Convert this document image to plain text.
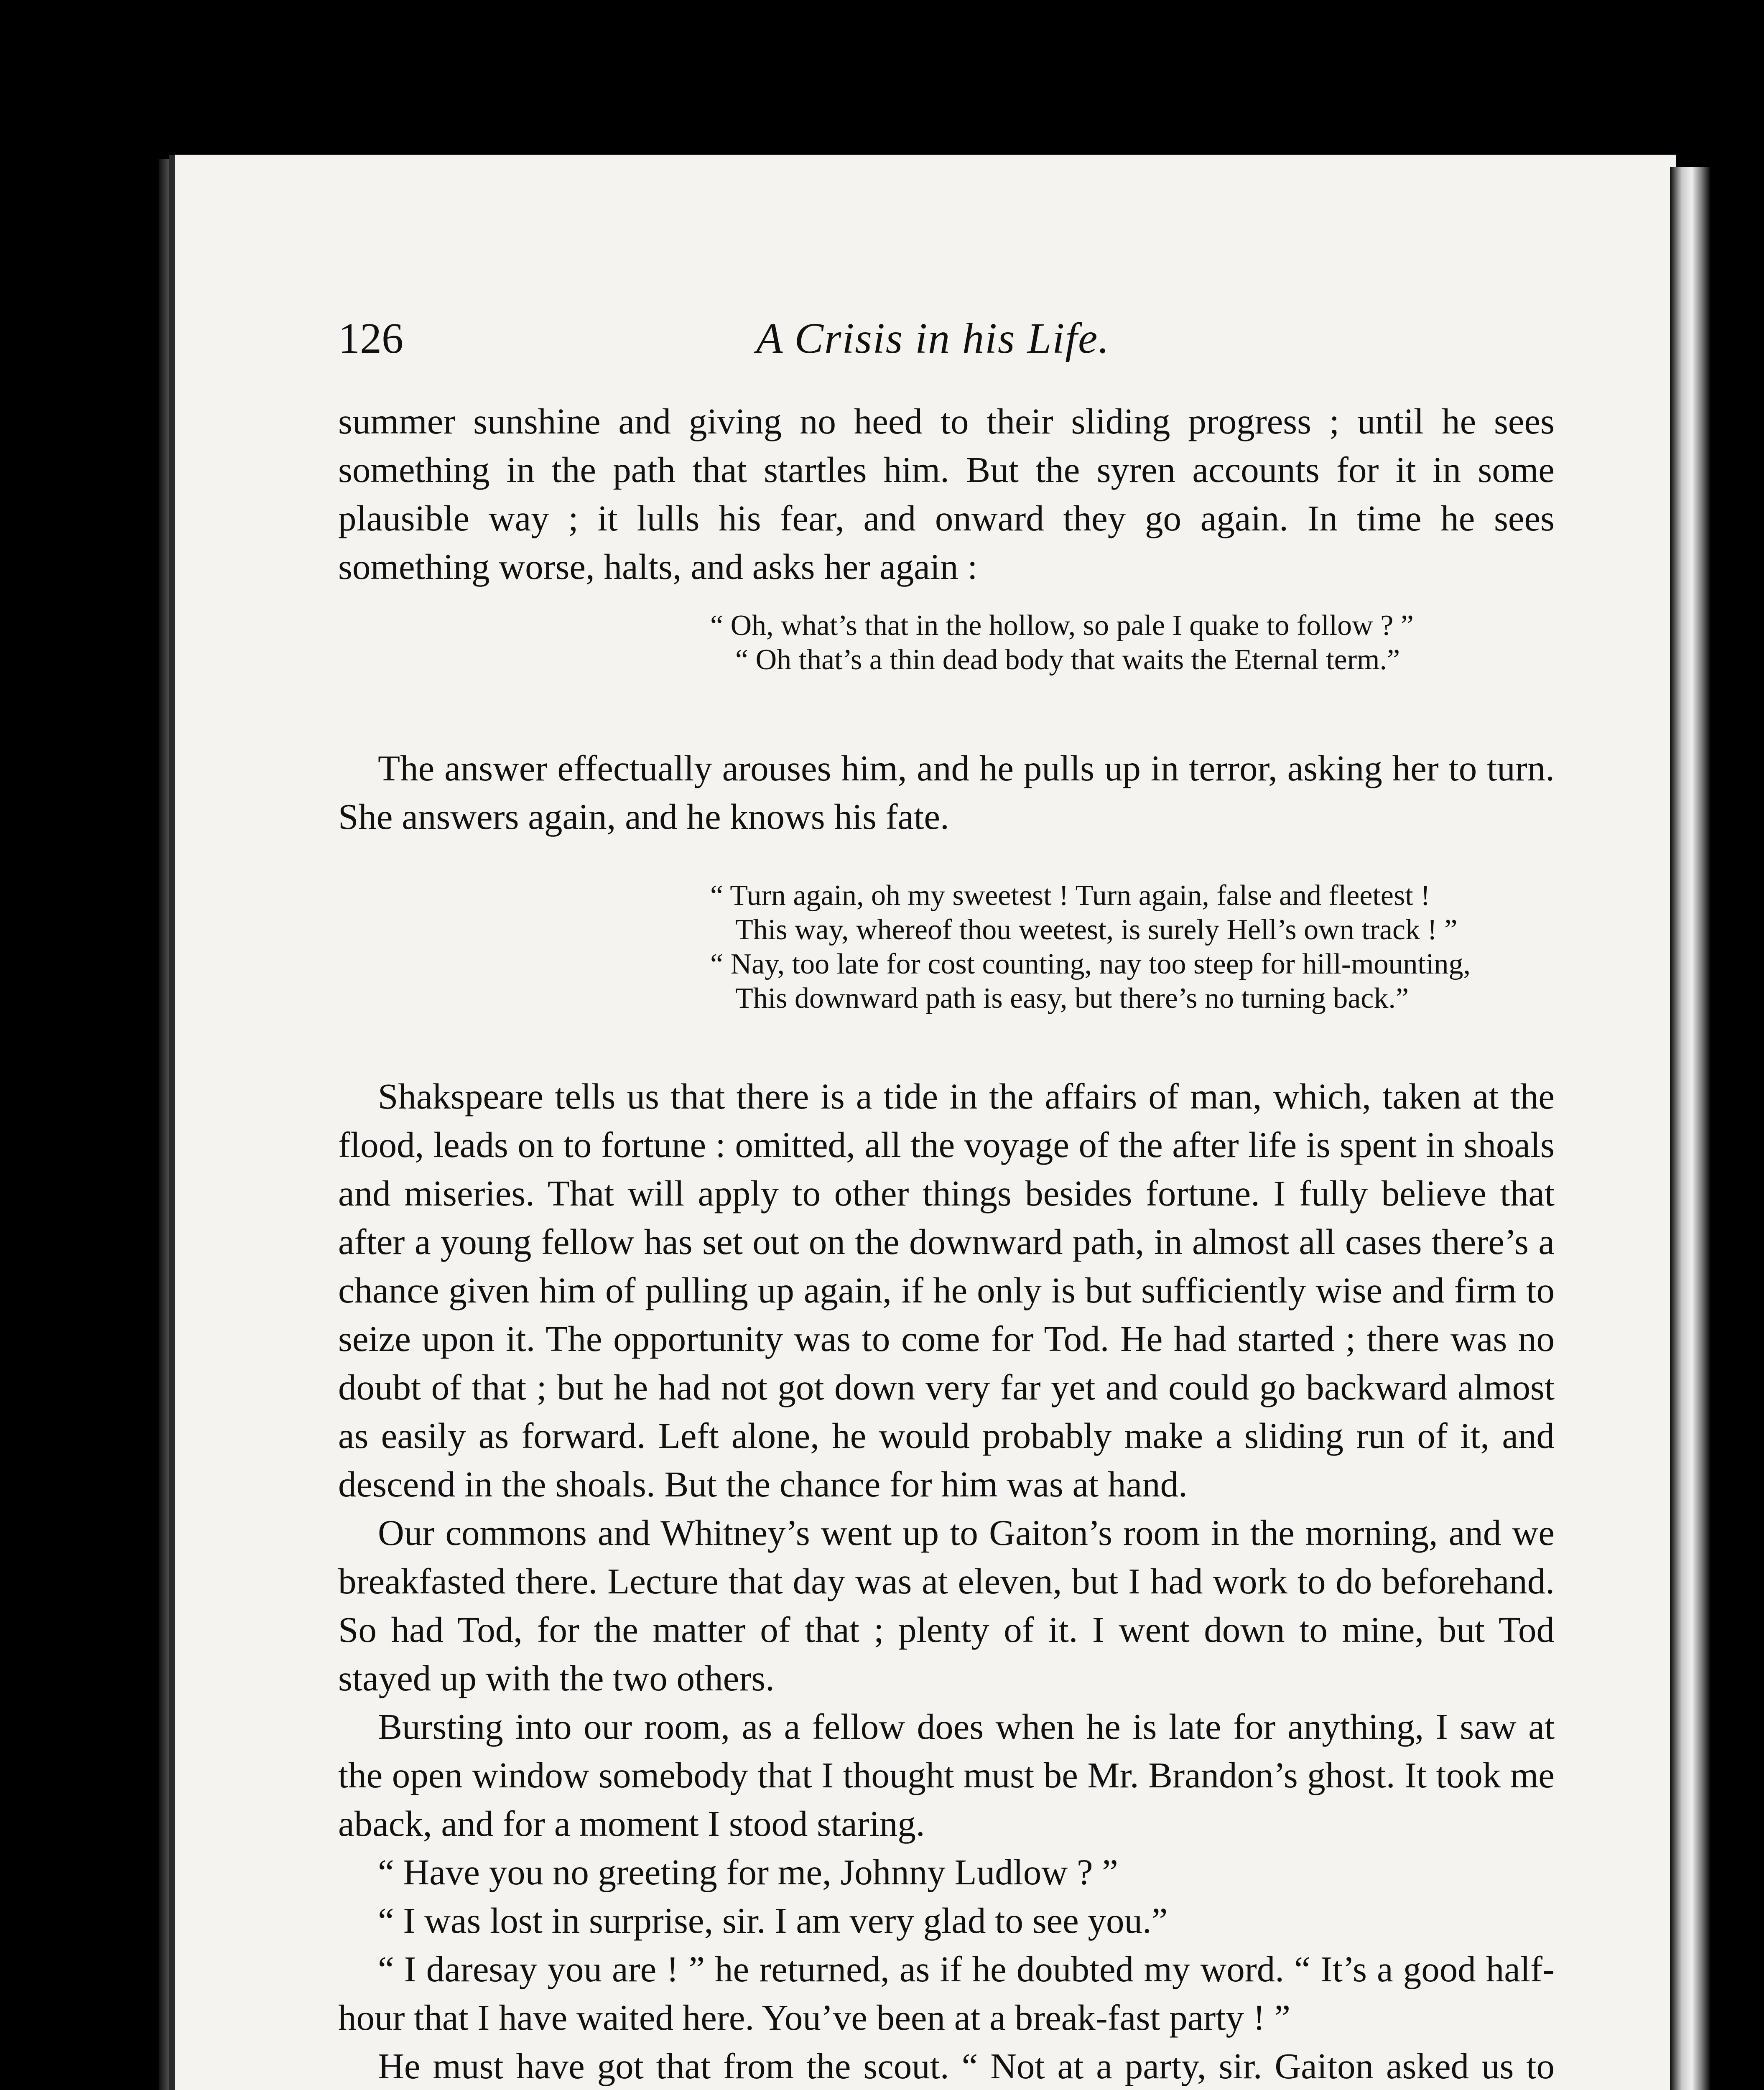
126	A Crisis in his Life.

summer sunshine and giving no heed to their sliding progress ; until he sees something in the path that startles him. But the syren accounts for it in some plausible way ; it lulls his fear, and onward they go again. In time he sees something worse, halts, and asks her again :

“ Oh, what’s that in the hollow, so pale I quake to follow ? ”

“ Oh that’s a thin dead body that waits the Eternal term.”

The answer effectually arouses him, and he pulls up in terror, asking her to turn. She answers again, and he knows his fate.

“ Turn again, oh my sweetest ! Turn again, false and fleetest !

This way, whereof thou weetest, is surely Hell’s own track ! ”

“ Nay, too late for cost counting, nay too steep for hill-mounting,

This downward path is easy, but there’s no turning back.”

Shakspeare tells us that there is a tide in the affairs of man, which, taken at the flood, leads on to fortune : omitted, all the voyage of the after life is spent in shoals and miseries. That will apply to other things besides fortune. I fully believe that after a young fellow has set out on the downward path, in almost all cases there’s a chance given him of pulling up again, if he only is but sufficiently wise and firm to seize upon it. The opportunity was to come for Tod. He had started ; there was no doubt of that ; but he had not got down very far yet and could go backward almost as easily as forward. Left alone, he would probably make a sliding run of it, and descend in the shoals. But the chance for him was at hand.

Our commons and Whitney’s went up to Gaiton’s room in the morning, and we breakfasted there. Lecture that day was at eleven, but I had work to do beforehand. So had Tod, for the matter of that ; plenty of it. I went down to mine, but Tod stayed up with the two others.

Bursting into our room, as a fellow does when he is late for anything, I saw at the open window somebody that I thought must be Mr. Brandon’s ghost. It took me aback, and for a moment I stood staring.

“ Have you no greeting for me, Johnny Ludlow ? ”

“ I was lost in surprise, sir. I am very glad to see you.”

“ I daresay you are ! ” he returned, as if he doubted my word. “ It’s a good half-hour that I have waited here. You’ve been at a break-fast party ! ”

He must have got that from the scout. “ Not at a party, sir. Gaiton asked us to
